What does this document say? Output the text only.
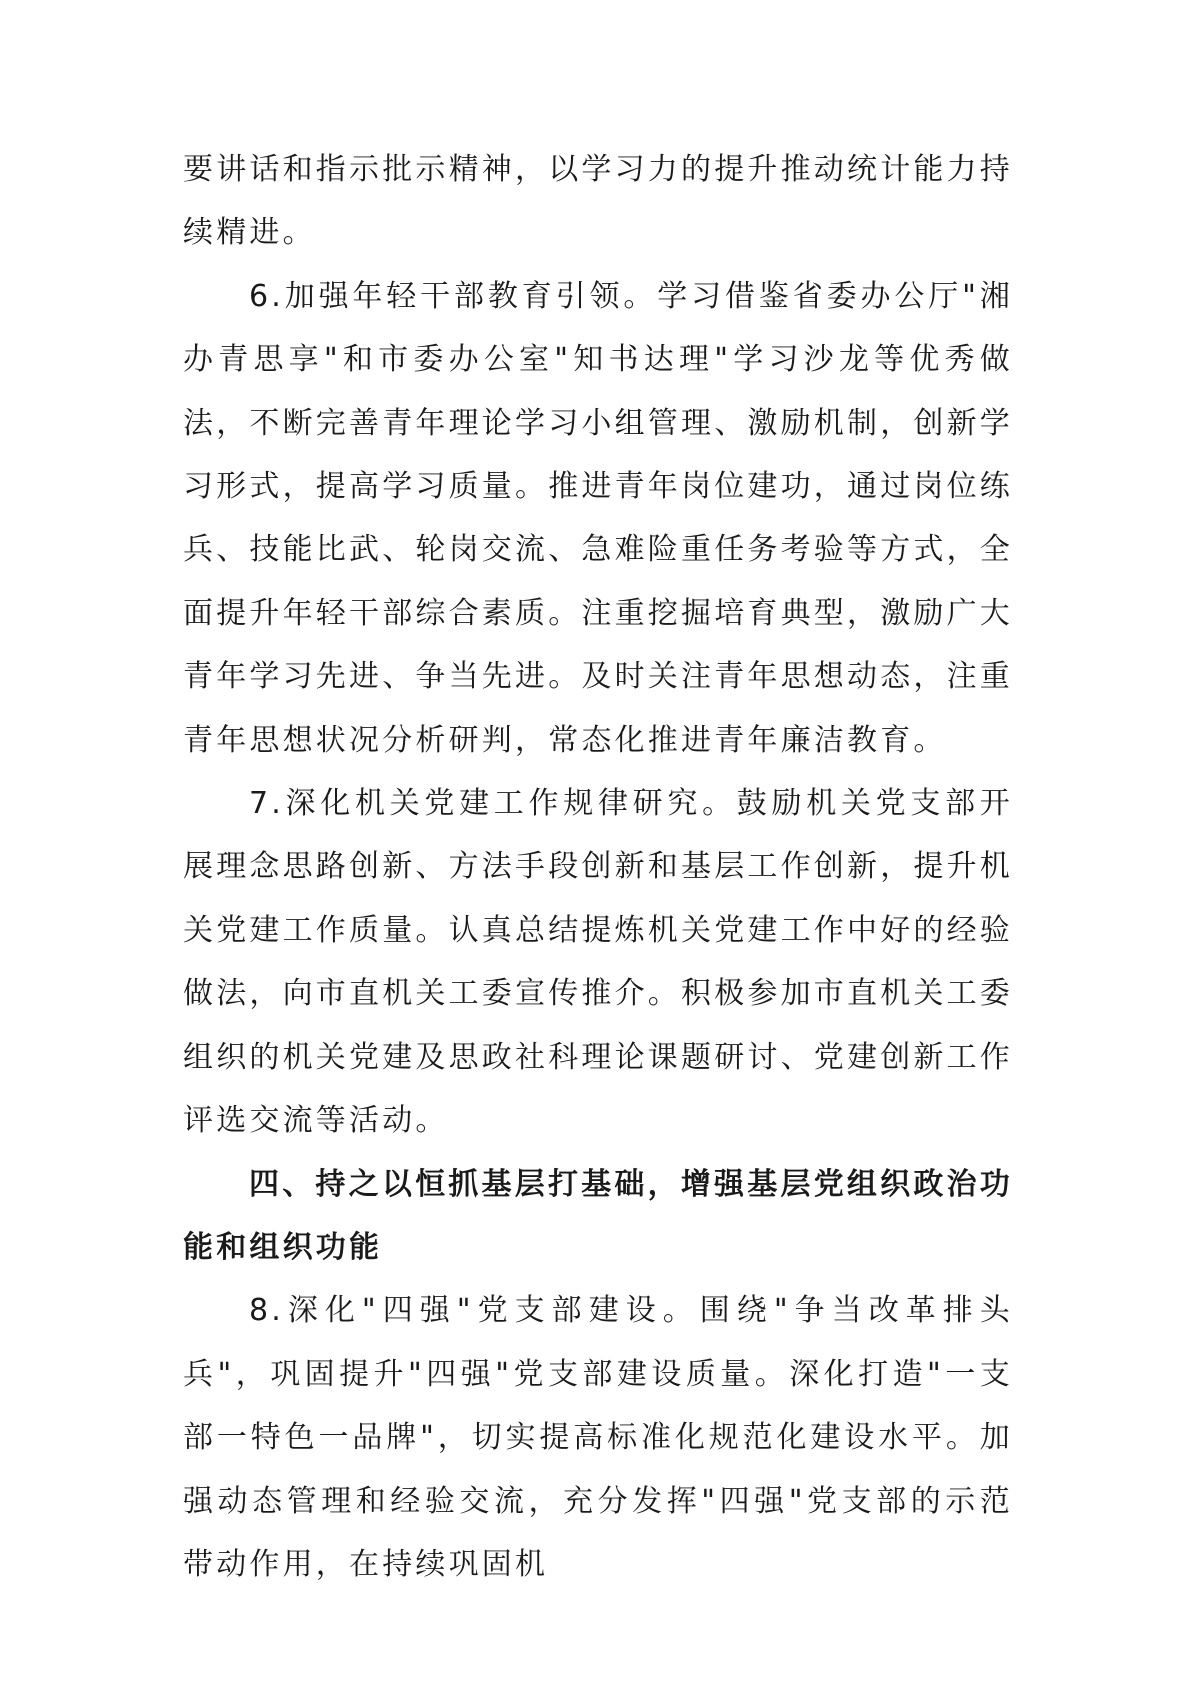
要讲话和指示批示精神，以学习力的提升推动统计能力持续精进。

6.加强年轻干部教育引领。学习借鉴省委办公厅"湘办青思享"和市委办公室"知书达理"学习沙龙等优秀做法，不断完善青年理论学习小组管理、激励机制，创新学习形式，提高学习质量。推进青年岗位建功，通过岗位练兵、技能比武、轮岗交流、急难险重任务考验等方式，全面提升年轻干部综合素质。注重挖掘培育典型，激励广大青年学习先进、争当先进。及时关注青年思想动态，注重青年思想状况分析研判，常态化推进青年廉洁教育。

7.深化机关党建工作规律研究。鼓励机关党支部开展理念思路创新、方法手段创新和基层工作创新，提升机关党建工作质量。认真总结提炼机关党建工作中好的经验做法，向市直机关工委宣传推介。积极参加市直机关工委组织的机关党建及思政社科理论课题研讨、党建创新工作评选交流等活动。

四、持之以恒抓基层打基础，增强基层党组织政治功能和组织功能

8.深化"四强"党支部建设。围绕"争当改革排头兵"，巩固提升"四强"党支部建设质量。深化打造"一支部一特色一品牌"，切实提高标准化规范化建设水平。加强动态管理和经验交流，充分发挥"四强"党支部的示范带动作用，在持续巩固机
